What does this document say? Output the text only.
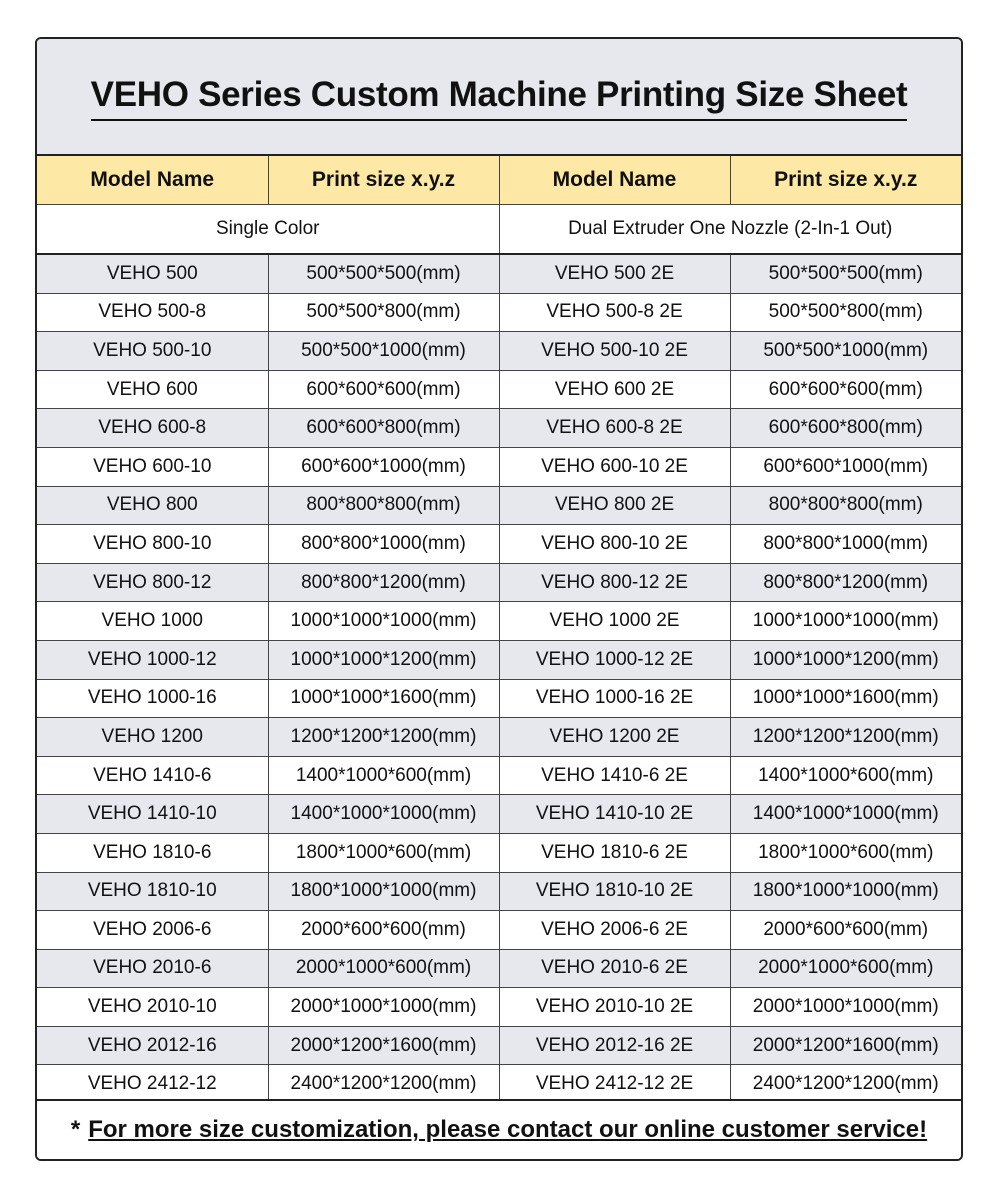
VEHO Series Custom Machine Printing Size Sheet
Model Name	Print size x.y.z	Model Name	Print size x.y.z
Single Color		Dual Extruder One Nozzle (2-In-1 Out)	
VEHO 500	500*500*500(mm)	VEHO 500 2E	500*500*500(mm)
VEHO 500-8	500*500*800(mm)	VEHO 500-8 2E	500*500*800(mm)
VEHO 500-10	500*500*1000(mm)	VEHO 500-10 2E	500*500*1000(mm)
VEHO 600	600*600*600(mm)	VEHO 600 2E	600*600*600(mm)
VEHO 600-8	600*600*800(mm)	VEHO 600-8 2E	600*600*800(mm)
VEHO 600-10	600*600*1000(mm)	VEHO 600-10 2E	600*600*1000(mm)
VEHO 800	800*800*800(mm)	VEHO 800 2E	800*800*800(mm)
VEHO 800-10	800*800*1000(mm)	VEHO 800-10 2E	800*800*1000(mm)
VEHO 800-12	800*800*1200(mm)	VEHO 800-12 2E	800*800*1200(mm)
VEHO 1000	1000*1000*1000(mm)	VEHO 1000 2E	1000*1000*1000(mm)
VEHO 1000-12	1000*1000*1200(mm)	VEHO 1000-12 2E	1000*1000*1200(mm)
VEHO 1000-16	1000*1000*1600(mm)	VEHO 1000-16 2E	1000*1000*1600(mm)
VEHO 1200	1200*1200*1200(mm)	VEHO 1200 2E	1200*1200*1200(mm)
VEHO 1410-6	1400*1000*600(mm)	VEHO 1410-6 2E	1400*1000*600(mm)
VEHO 1410-10	1400*1000*1000(mm)	VEHO 1410-10 2E	1400*1000*1000(mm)
VEHO 1810-6	1800*1000*600(mm)	VEHO 1810-6 2E	1800*1000*600(mm)
VEHO 1810-10	1800*1000*1000(mm)	VEHO 1810-10 2E	1800*1000*1000(mm)
VEHO 2006-6	2000*600*600(mm)	VEHO 2006-6 2E	2000*600*600(mm)
VEHO 2010-6	2000*1000*600(mm)	VEHO 2010-6 2E	2000*1000*600(mm)
VEHO 2010-10	2000*1000*1000(mm)	VEHO 2010-10 2E	2000*1000*1000(mm)
VEHO 2012-16	2000*1200*1600(mm)	VEHO 2012-16 2E	2000*1200*1600(mm)
VEHO 2412-12	2400*1200*1200(mm)	VEHO 2412-12 2E	2400*1200*1200(mm)
* For more size customization, please contact our online customer service!
